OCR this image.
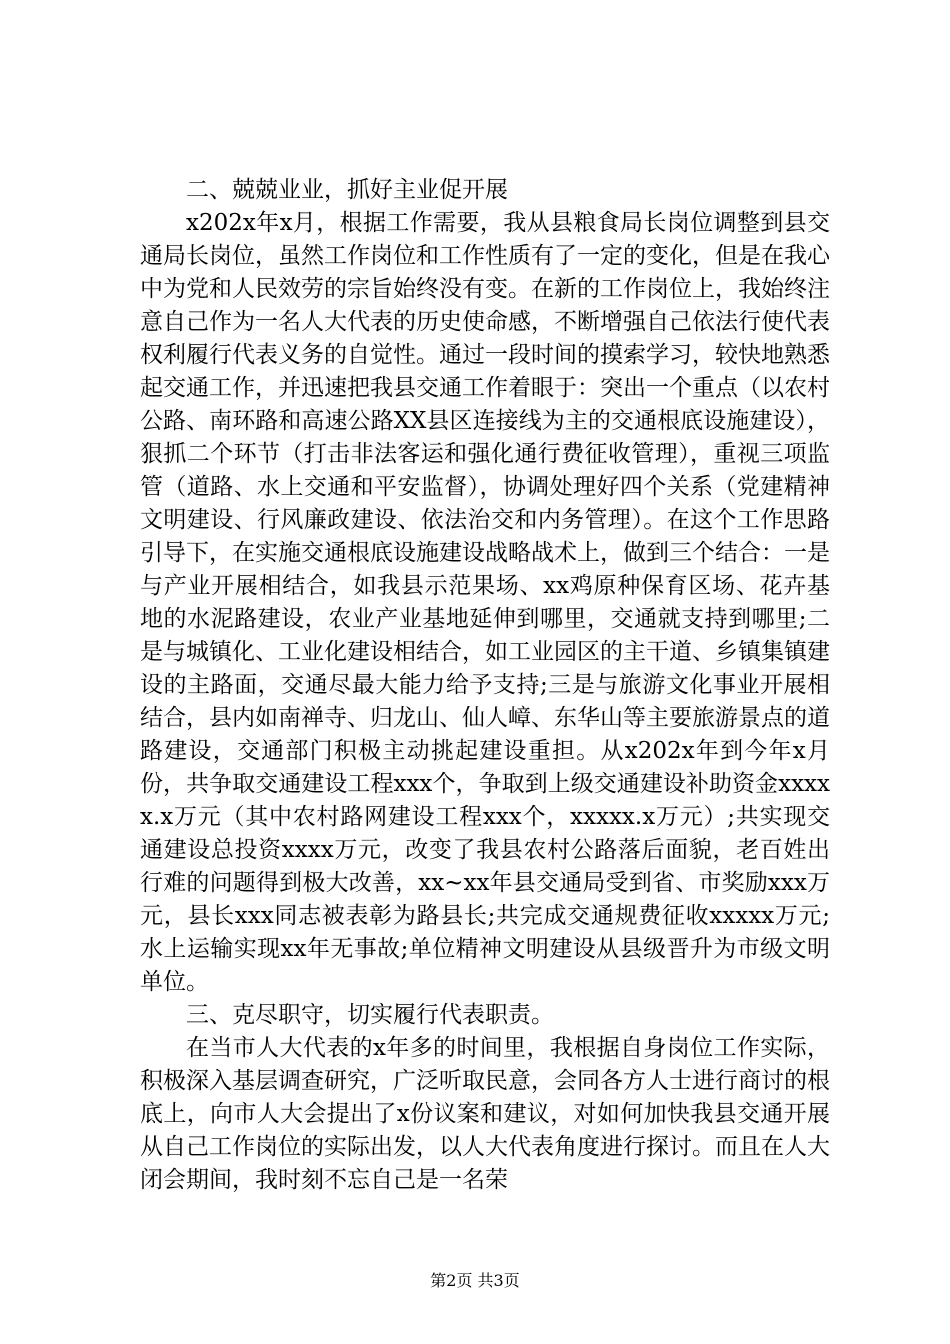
二、兢兢业业，抓好主业促开展

x202x年x月，根据工作需要，我从县粮食局长岗位调整到县交通局长岗位，虽然工作岗位和工作性质有了一定的变化，但是在我心中为党和人民效劳的宗旨始终没有变。在新的工作岗位上，我始终注意自己作为一名人大代表的历史使命感，不断增强自己依法行使代表权利履行代表义务的自觉性。通过一段时间的摸索学习，较快地熟悉起交通工作，并迅速把我县交通工作着眼于：突出一个重点（以农村公路、南环路和高速公路XX县区连接线为主的交通根底设施建设），狠抓二个环节（打击非法客运和强化通行费征收管理），重视三项监管（道路、水上交通和平安监督），协调处理好四个关系（党建精神文明建设、行风廉政建设、依法治交和内务管理）。在这个工作思路引导下，在实施交通根底设施建设战略战术上，做到三个结合：一是与产业开展相结合，如我县示范果场、xx鸡原种保育区场、花卉基地的水泥路建设，农业产业基地延伸到哪里，交通就支持到哪里;二是与城镇化、工业化建设相结合，如工业园区的主干道、乡镇集镇建设的主路面，交通尽最大能力给予支持;三是与旅游文化事业开展相结合，县内如南禅寺、归龙山、仙人嶂、东华山等主要旅游景点的道路建设，交通部门积极主动挑起建设重担。从x202x年到今年x月份，共争取交通建设工程xxx个，争取到上级交通建设补助资金xxxxx.x万元（其中农村路网建设工程xxx个，xxxxx.x万元）;共实现交通建设总投资xxxx万元，改变了我县农村公路落后面貌，老百姓出行难的问题得到极大改善，xx~xx年县交通局受到省、市奖励xxx万元，县长xxx同志被表彰为路县长;共完成交通规费征收xxxxx万元;水上运输实现xx年无事故;单位精神文明建设从县级晋升为市级文明单位。

三、克尽职守，切实履行代表职责。

在当市人大代表的x年多的时间里，我根据自身岗位工作实际，积极深入基层调查研究，广泛听取民意，会同各方人士进行商讨的根底上，向市人大会提出了x份议案和建议，对如何加快我县交通开展从自己工作岗位的实际出发，以人大代表角度进行探讨。而且在人大闭会期间，我时刻不忘自己是一名荣

第2页 共3页
